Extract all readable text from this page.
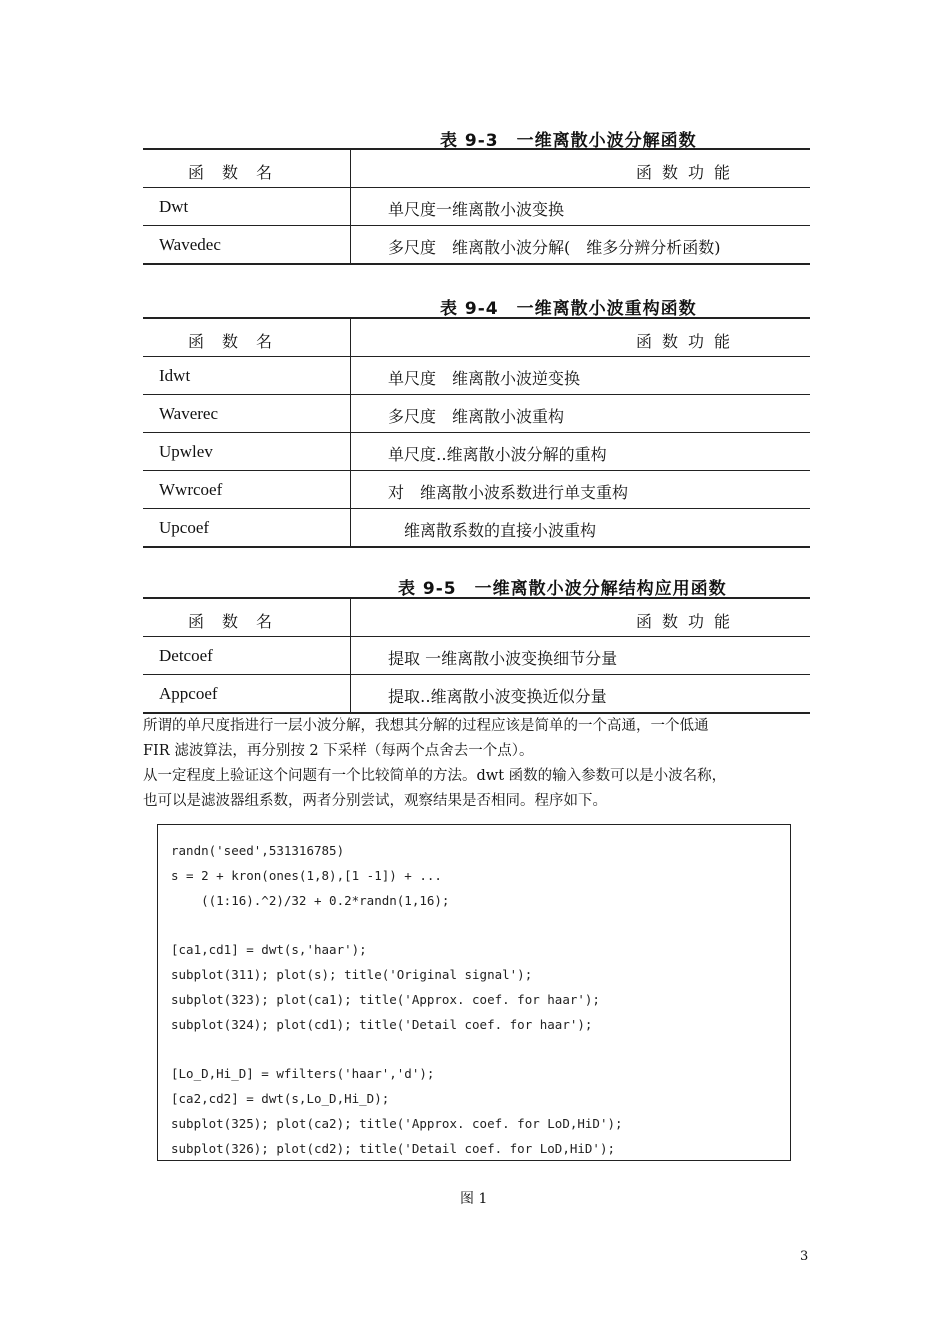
表 9-3　一维离散小波分解函数
函数名	函数功能
Dwt	单尺度一维离散小波变换
Wavedec	多尺度　维离散小波分解(　维多分辨分析函数)
表 9-4　一维离散小波重构函数
函数名	函数功能
Idwt	单尺度　维离散小波逆变换
Waverec	多尺度　维离散小波重构
Upwlev	单尺度‥维离散小波分解的重构
Wwrcoef	对　维离散小波系数进行单支重构
Upcoef	　维离散系数的直接小波重构
表 9-5　一维离散小波分解结构应用函数
函数名	函数功能
Detcoef	提取 一维离散小波变换细节分量
Appcoef	提取‥维离散小波变换近似分量
所谓的单尺度指进行一层小波分解，我想其分解的过程应该是简单的一个高通，一个低通
FIR 滤波算法，再分别按 2 下采样（每两个点舍去一个点）。
从一定程度上验证这个问题有一个比较简单的方法。dwt 函数的输入参数可以是小波名称，
也可以是滤波器组系数，两者分别尝试，观察结果是否相同。程序如下。
randn('seed',531316785)
s = 2 + kron(ones(1,8),[1 -1]) + ...
((1:16).^2)/32 + 0.2*randn(1,16);

[ca1,cd1] = dwt(s,'haar');
subplot(311); plot(s); title('Original signal');
subplot(323); plot(ca1); title('Approx. coef. for haar');
subplot(324); plot(cd1); title('Detail coef. for haar');

[Lo_D,Hi_D] = wfilters('haar','d');
[ca2,cd2] = dwt(s,Lo_D,Hi_D);
subplot(325); plot(ca2); title('Approx. coef. for LoD,HiD');
subplot(326); plot(cd2); title('Detail coef. for LoD,HiD');
图 1
3
